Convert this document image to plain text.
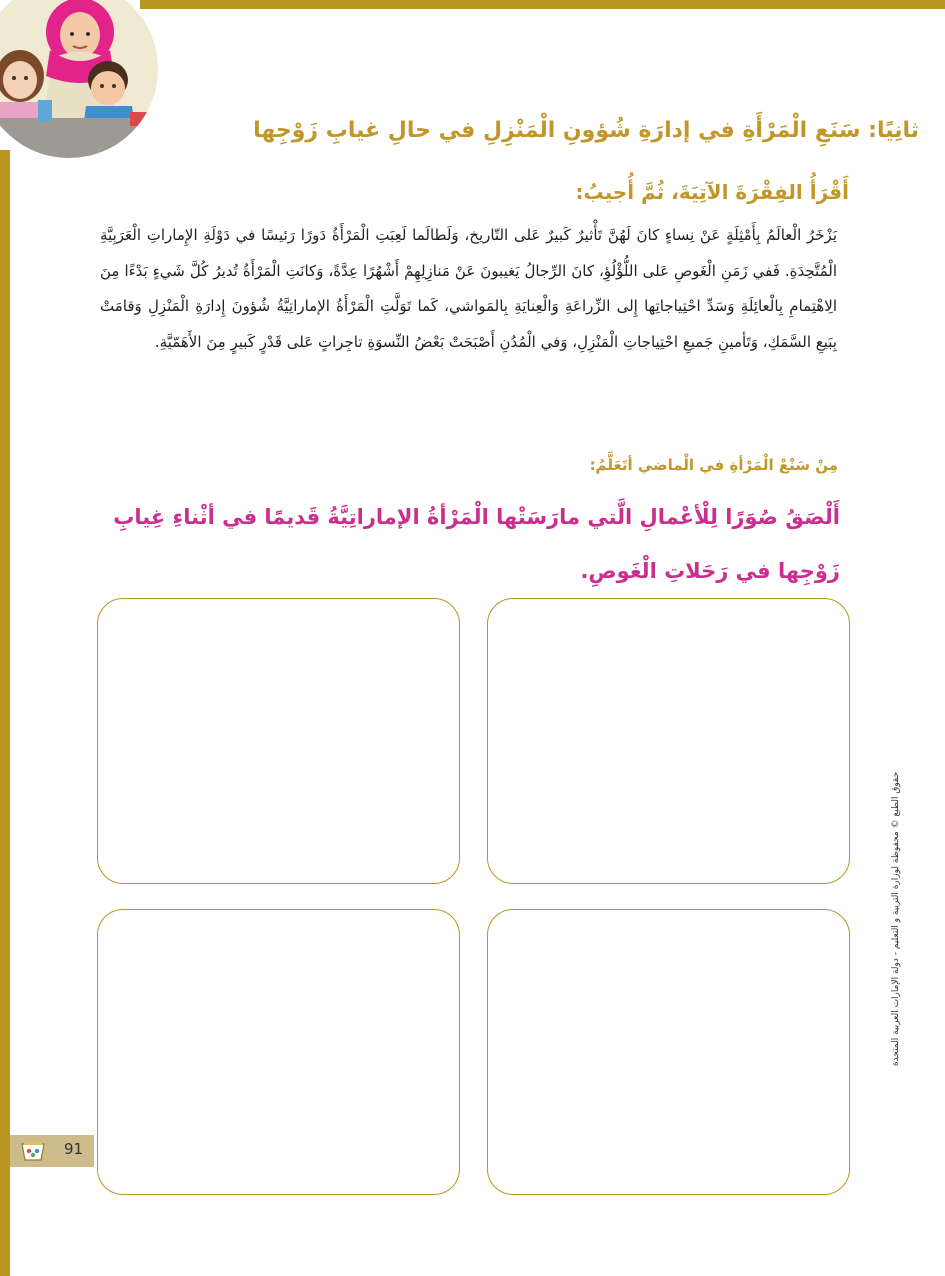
ثانِيًا: سَنَعِ الْمَرْأَةِ في إدارَةِ شُؤونِ الْمَنْزِلِ في حالِ غيابِ زَوْجِها
أَقْرَأُ الفِقْرَةَ الآتِيَةَ، ثُمَّ أُجيبُ:
يَزْخَرُ الْعالَمُ بِأَمْثِلَةٍ عَنْ نِساءٍ كانَ لَهُنَّ تَأْثيرٌ كَبيرٌ عَلى التّاريخ، وَلَطالَما لَعِبَتِ الْمَرْأَةُ دَورًا رَئيسًا في دَوْلَةِ الإِماراتِ الْعَرَبِيَّةِ الْمُتَّحِدَةِ. فَفي زَمَنِ الْغَوصِ عَلى اللُّؤْلُؤِ، كانَ الرِّجالُ يَغيبونَ عَنْ مَنازِلِهِمْ أَشْهُرًا عِدَّةً، وَكانَتِ الْمَرْأَةُ تُديرُ كُلَّ شَيءٍ بَدْءًا مِنَ الِاهْتِمامِ بِالْعائِلَةِ وَسَدِّ احْتِياجاتِها إِلى الزِّراعَةِ وَالْعِنايَةِ بِالمَواشي، كَما تَوَلَّتِ الْمَرْأَةُ الإماراتِيَّةُ شُؤونَ إِدارَةِ الْمَنْزِلِ وَقامَتْ بِبَيعِ السَّمَكِ، وَتَأمينِ جَميعِ احْتِياجاتِ الْمَنْزِلِ، وَفي الْمُدُنِ أَصْبَحَتْ بَعْضُ النِّسوَةِ تاجِراتٍ عَلى قَدْرٍ كَبيرٍ مِنَ الأَهَمّيَّةِ.
مِنْ سَنْعْ الْمَرْأةِ في الْماضي أتَعَلَّمُ:
أَلْصَقُ صُوَرًا لِلْأعْمالِ الَّتي مارَسَتْها الْمَرْأةُ الإماراتِيَّةُ قَديمًا في أثْناءِ غِيابِ زَوْجِها في رَحَلاتِ الْغَوصِ.
حقوق الطبع © محفوظة لوزارة التربية و التعليم - دولة الإمارات العربية المتحدة
91
